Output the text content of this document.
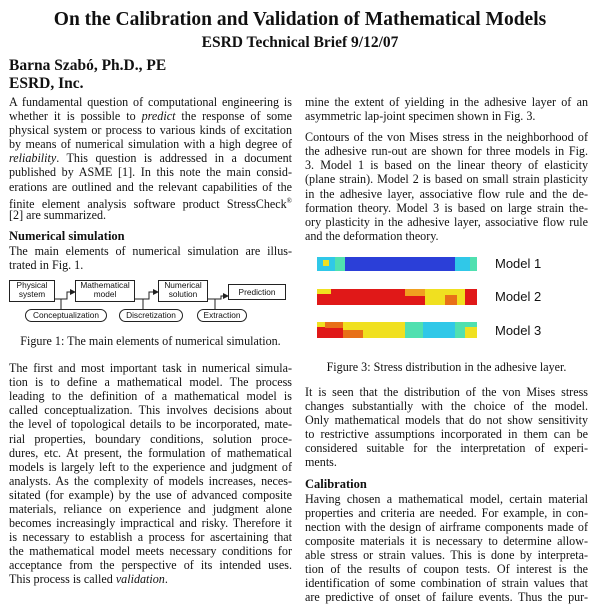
On the Calibration and Validation of Mathematical Models
ESRD Technical Brief 9/12/07
Barna Szabó, Ph.D., PE
ESRD, Inc.
A fundamental question of computational engineering is
whether it is possible to predict the response of some
physical system or process to various kinds of excitation
by means of numerical simulation with a high degree of
reliability. This question is addressed in a document
published by ASME [1]. In this note the main consid-
erations are outlined and the relevant capabilities of the
finite element analysis software product StressCheck®
[2] are summarized.
Numerical simulation
The main elements of numerical simulation are illus-
trated in Fig. 1.
Physical
system
Mathematical
model
Numerical
solution	Prediction
Conceptualization	Discretization	Extraction
Figure 1: The main elements of numerical simulation.
The first and most important task in numerical simula-
tion is to define a mathematical model. The process
leading to the definition of a mathematical model is
called conceptualization. This involves decisions about
the level of topological details to be incorporated, mate-
rial properties, boundary conditions, solution proce-
dures, etc. At present, the formulation of mathematical
models is largely left to the experience and judgment of
analysts. As the complexity of models increases, neces-
sitated (for example) by the use of advanced composite
materials, reliance on experience and judgment alone
becomes increasingly impractical and risky. Therefore it
is necessary to establish a process for ascertaining that
the mathematical model meets necessary conditions for
acceptance from the perspective of its intended uses.
This process is called validation.
mine the extent of yielding in the adhesive layer of an
asymmetric lap-joint specimen shown in Fig. 3.
Contours of the von Mises stress in the neighborhood of
the adhesive run-out are shown for three models in Fig.
3. Model 1 is based on the linear theory of elasticity
(plane strain). Model 2 is based on small strain plasticity
in the adhesive layer, associative flow rule and the de-
formation theory. Model 3 is based on large strain the-
ory plasticity in the adhesive layer, associative flow rule
and the deformation theory.
Model 1
Model 2
Model 3
Figure 3: Stress distribution in the adhesive layer.
It is seen that the distribution of the von Mises stress
changes substantially with the choice of the model.
Only mathematical models that do not show sensitivity
to restrictive assumptions incorporated in them can be
considered suitable for the interpretation of experi-
ments.
Calibration
Having chosen a mathematical model, certain material
properties and criteria are needed. For example, in con-
nection with the design of airframe components made of
composite materials it is necessary to determine allow-
able stress or strain values. This is done by interpreta-
tion of the results of coupon tests. Of interest is the
identification of some combination of strain values that
are predictive of onset of failure events. Thus the pur-
